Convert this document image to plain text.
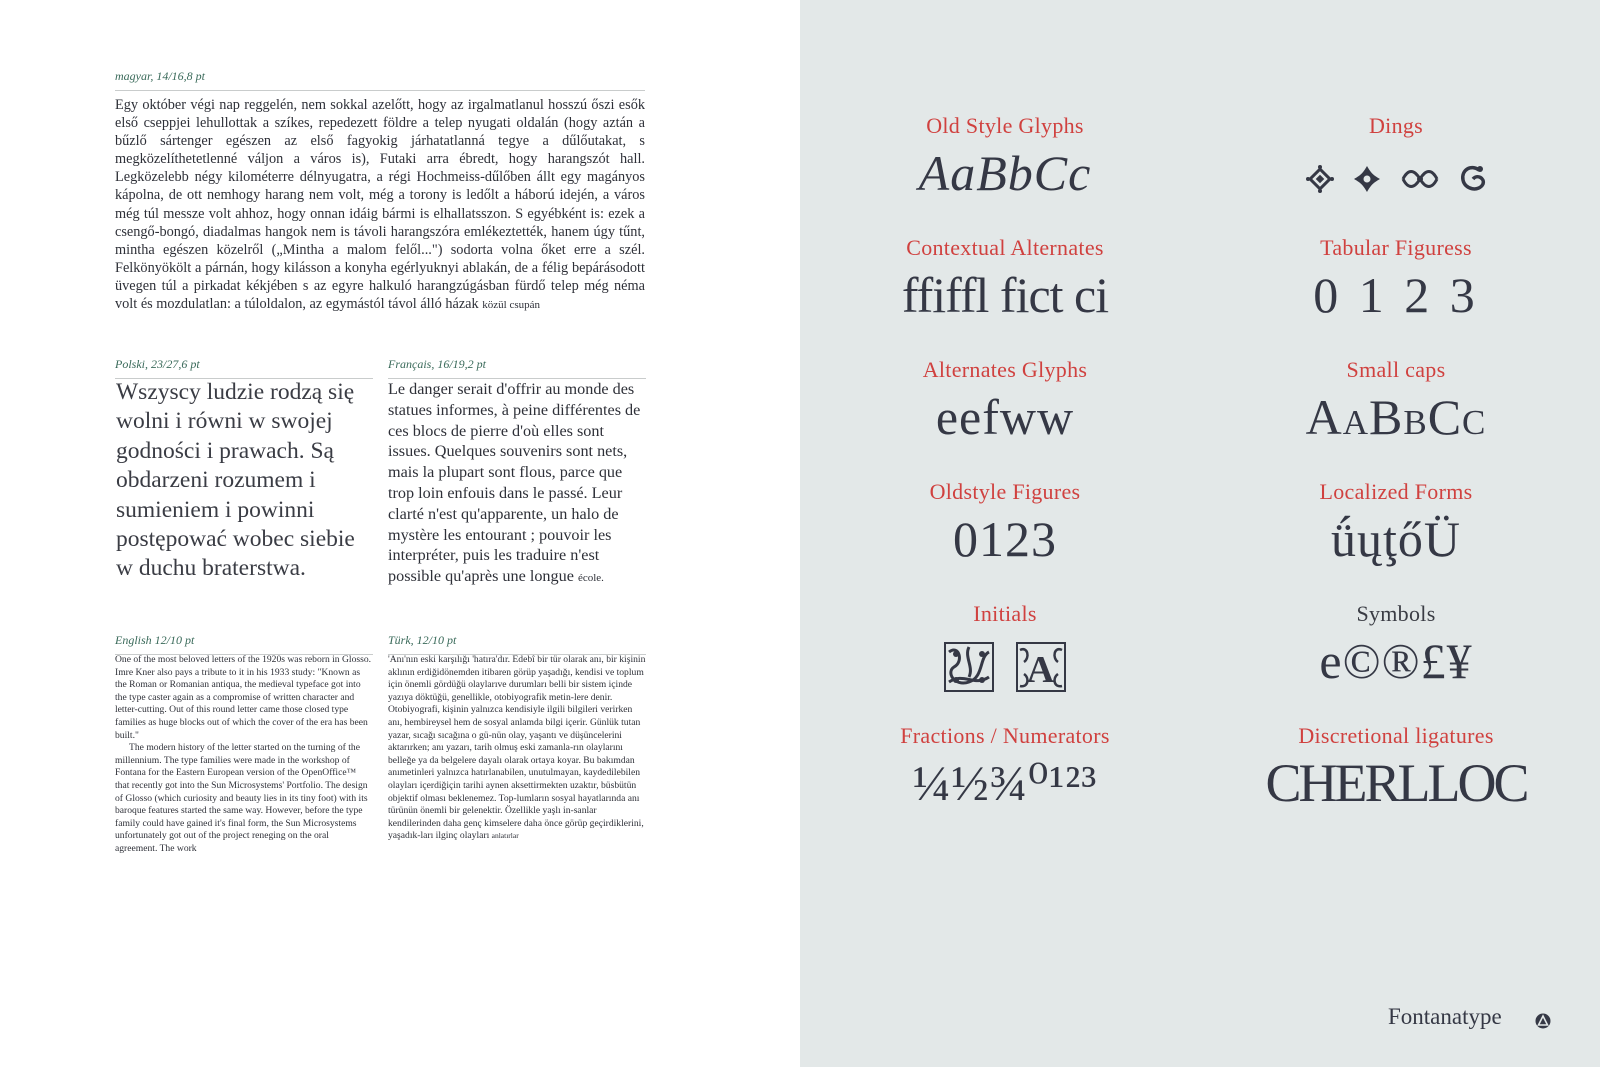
magyar, 14/16,8 pt
Egy október végi nap reggelén, nem sokkal azelőtt, hogy az irgalmatlanul hosszú őszi esők első cseppjei lehullottak a szíkes, repedezett földre a telep nyugati oldalán (hogy aztán a bűzlő sártenger egészen az első fagyokig járhatatlanná tegye a dűlőutakat, s megközelíthetetlenné váljon a város is), Futaki arra ébredt, hogy harangszót hall. Legközelebb négy kilométerre délnyugatra, a régi Hochmeiss-dűlőben állt egy magányos kápolna, de ott nemhogy harang nem volt, még a torony is ledőlt a háború idején, a város még túl messze volt ahhoz, hogy onnan idáig bármi is elhallatsszon. S egyébként is: ezek a csengő-bongó, diadalmas hangok nem is távoli harangszóra emlékeztették, hanem úgy tűnt, mintha egészen közelről („Mintha a malom felől...") sodorta volna őket erre a szél. Felkönyökölt a párnán, hogy kilásson a konyha egérlyuknyi ablakán, de a félig bepárásodott üvegen túl a pirkadat kékjében s az egyre halkuló harangzúgásban fürdő telep még néma volt és mozdulatlan: a túloldalon, az egymástól távol álló házak közül csupán
Polski, 23/27,6 pt
Wszyscy ludzie rodzą się wolni i równi w swojej godności i prawach. Są obdarzeni rozumem i sumieniem i powinni postępować wobec siebie w duchu braterstwa.
Français, 16/19,2 pt
Le danger serait d'offrir au monde des statues informes, à peine différentes de ces blocs de pierre d'où elles sont issues. Quelques souvenirs sont nets, mais la plupart sont flous, parce que trop loin enfouis dans le passé. Leur clarté n'est qu'apparente, un halo de mystère les entourant ; pouvoir les interpréter, puis les traduire n'est possible qu'après une longue école.
English 12/10 pt

One of the most beloved letters of the 1920s was reborn in Glosso. Imre Kner also pays a tribute to it in his 1933 study: "Known as the Roman or Romanian antiqua, the medieval typeface got into the type caster again as a compromise of written character and letter-cutting. Out of this round letter came those closed type families as huge blocks out of which the cover of the era has been built."

The modern history of the letter started on the turning of the millennium. The type families were made in the workshop of Fontana for the Eastern European version of the OpenOffice™ that recently got into the Sun Microsystems' Portfolio. The design of Glosso (which curiosity and beauty lies in its tiny foot) with its baroque features started the same way. However, before the type family could have gained it's final form, the Sun Microsystems unfortunately got out of the project reneging on the oral agreement. The work

Türk, 12/10 pt
'Anı'nın eski karşılığı 'hatıra'dır. Edebî bir tür olarak anı, bir kişinin aklının erdiğidönemden itibaren görüp yaşadığı, kendisi ve toplum için önemli gördüğü olaylarıve durumları belli bir sistem içinde yazıya döktüğü, genellikle, otobiyografik metin-lere denir. Otobiyografi, kişinin yalnızca kendisiyle ilgili bilgileri verirken anı, hembireysel hem de sosyal anlamda bilgi içerir. Günlük tutan yazar, sıcağı sıcağına o gü-nün olay, yaşantı ve düşüncelerini aktarırken; anı yazarı, tarih olmuş eski zamanla-rın olaylarını belleğe ya da belgelere dayalı olarak ortaya koyar. Bu bakımdan anımetinleri yalnızca hatırlanabilen, unutulmayan, kaydedilebilen olayları içerdiğiçin tarihi aynen aksettirmekten uzaktır, büsbütün objektif olması beklenemez. Top-lumların sosyal hayatlarında anı türünün önemli bir gelenektir. Özellikle yaşlı in-sanlar kendilerinden daha genç kimselere daha önce görüp geçirdiklerini, yaşadık-ları ilginç olayları anlatırlar
Old Style Glyphs
AaBbCc
Dings

Contextual Alternates
ffiffl fict ci
Tabular Figuress
0 1 2 3
Alternates Glyphs
eefww
Small caps
AaBbCc
Oldstyle Figures
0123
Localized Forms
ǘųţőÜ
Initials

A
Symbols
e©®£¥
Fractions / Numerators
¼½¾⁰¹²³
Discretional ligatures
CHERLLOC
Fontanatype
